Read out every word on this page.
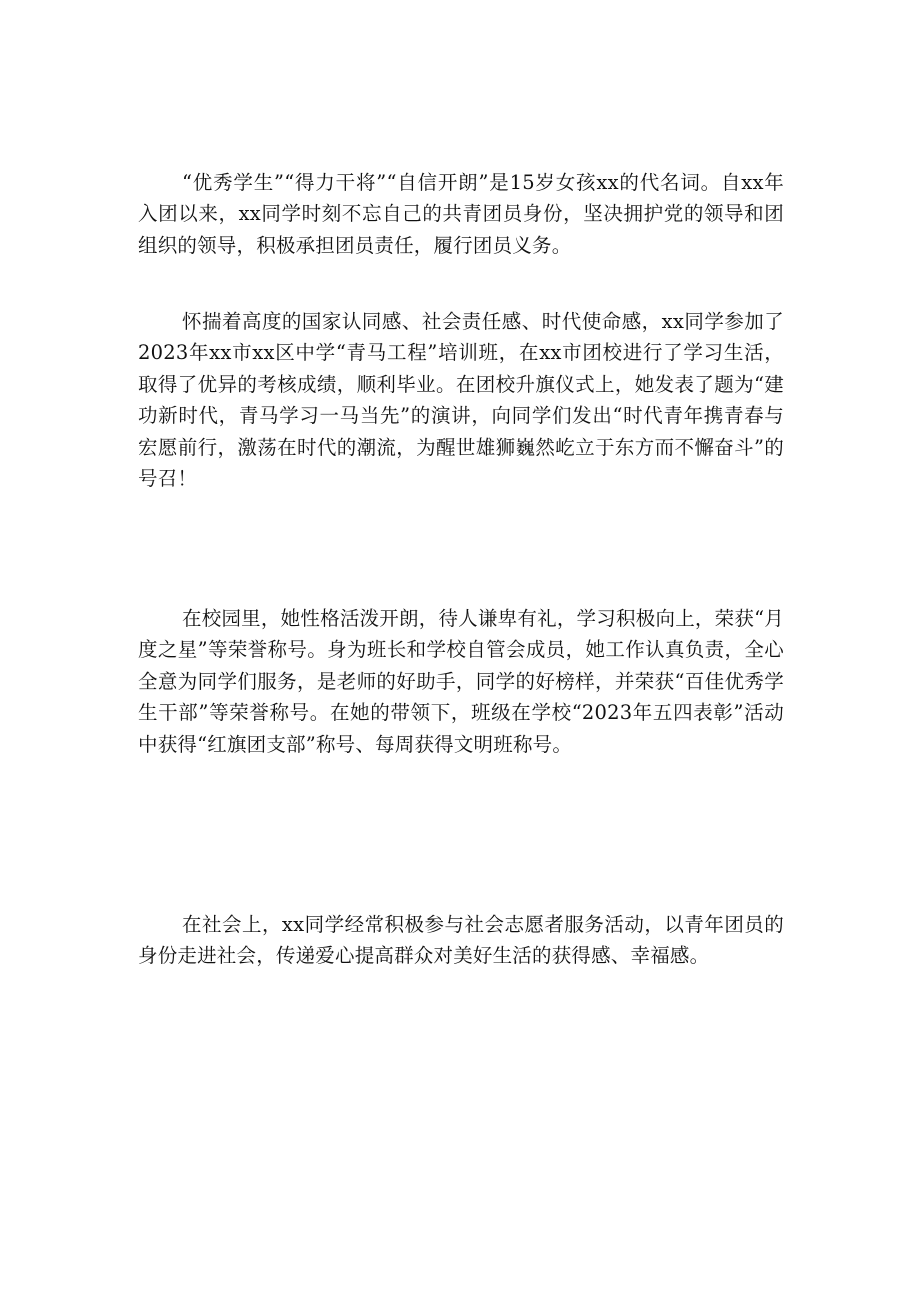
“优秀学生”“得力干将”“自信开朗”是15岁女孩xx的代名词。自xx年入团以来，xx同学时刻不忘自己的共青团员身份，坚决拥护党的领导和团组织的领导，积极承担团员责任，履行团员义务。

怀揣着高度的国家认同感、社会责任感、时代使命感，xx同学参加了2023年xx市xx区中学“青马工程”培训班，在xx市团校进行了学习生活，取得了优异的考核成绩，顺利毕业。在团校升旗仪式上，她发表了题为“建功新时代，青马学习一马当先”的演讲，向同学们发出“时代青年携青春与宏愿前行，激荡在时代的潮流，为醒世雄狮巍然屹立于东方而不懈奋斗”的号召！

在校园里，她性格活泼开朗，待人谦卑有礼，学习积极向上，荣获“月度之星”等荣誉称号。身为班长和学校自管会成员，她工作认真负责，全心全意为同学们服务，是老师的好助手，同学的好榜样，并荣获“百佳优秀学生干部”等荣誉称号。在她的带领下，班级在学校“2023年五四表彰”活动中获得“红旗团支部”称号、每周获得文明班称号。

在社会上，xx同学经常积极参与社会志愿者服务活动，以青年团员的身份走进社会，传递爱心提高群众对美好生活的获得感、幸福感。
